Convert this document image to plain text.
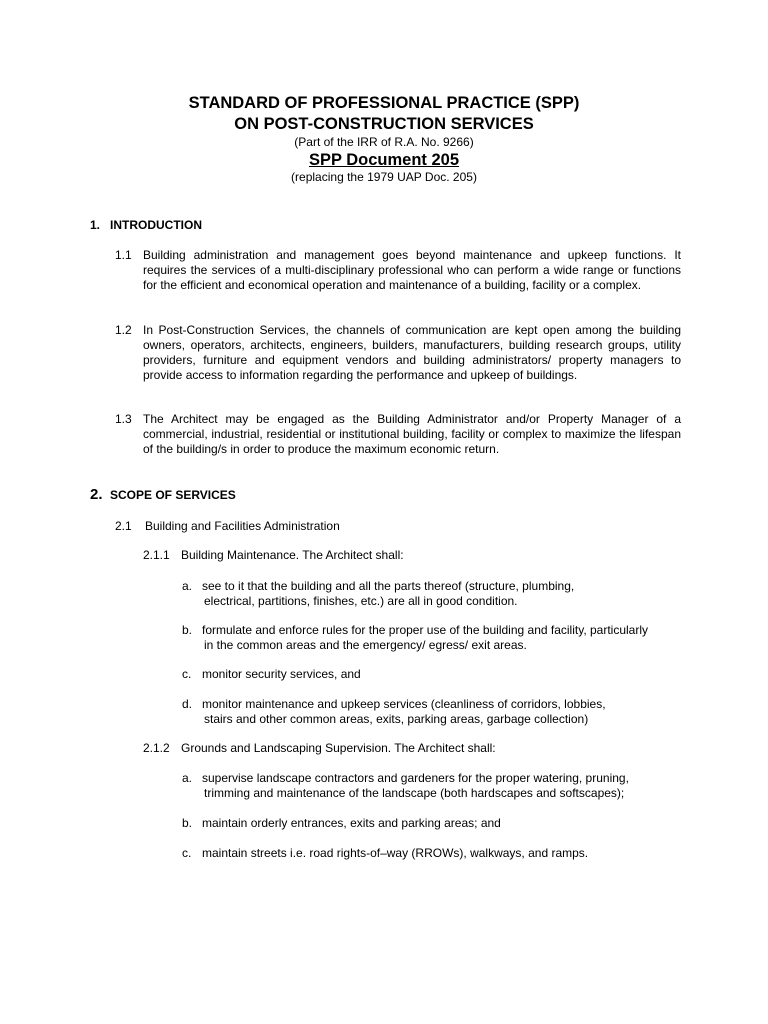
STANDARD OF PROFESSIONAL PRACTICE (SPP)
ON POST-CONSTRUCTION SERVICES
(Part of the IRR of R.A. No. 9266)
SPP Document 205
(replacing the 1979 UAP Doc. 205)
1. INTRODUCTION
1.1 Building administration and management goes beyond maintenance and upkeep functions. It requires the services of a multi-disciplinary professional who can perform a wide range or functions for the efficient and economical operation and maintenance of a building, facility or a complex.
1.2 In Post-Construction Services, the channels of communication are kept open among the building owners, operators, architects, engineers, builders, manufacturers, building research groups, utility providers, furniture and equipment vendors and building administrators/ property managers to provide access to information regarding the performance and upkeep of buildings.
1.3 The Architect may be engaged as the Building Administrator and/or Property Manager of a commercial, industrial, residential or institutional building, facility or complex to maximize the lifespan of the building/s in order to produce the maximum economic return.
2. SCOPE OF SERVICES
2.1 Building and Facilities Administration
2.1.1 Building Maintenance. The Architect shall:
a. see to it that the building and all the parts thereof (structure, plumbing,
electrical, partitions, finishes, etc.) are all in good condition.
b. formulate and enforce rules for the proper use of the building and facility, particularly
in the common areas and the emergency/ egress/ exit areas.
c. monitor security services, and
d. monitor maintenance and upkeep services (cleanliness of corridors, lobbies,
stairs and other common areas, exits, parking areas, garbage collection)
2.1.2 Grounds and Landscaping Supervision. The Architect shall:
a. supervise landscape contractors and gardeners for the proper watering, pruning,
trimming and maintenance of the landscape (both hardscapes and softscapes);
b. maintain orderly entrances, exits and parking areas; and
c. maintain streets i.e. road rights-of–way (RROWs), walkways, and ramps.
